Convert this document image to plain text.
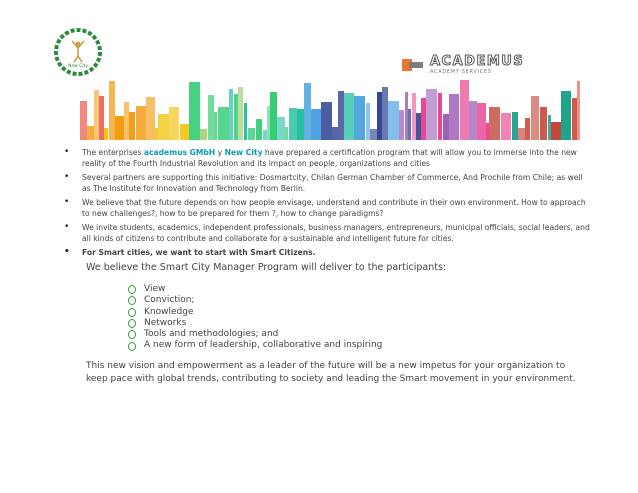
New City	ACADEMUS
ACADEMY SERVICES
• The enterprises academus GMbH y New City have prepared a certification program that will allow you to immerse into the new reality of the Fourth Industrial Revolution and its impact on people, organizations and cities
• Several partners are supporting this initiative: Dosmartcity, Chilan German Chamber of Commerce, And Prochile from Chile; as well as The Institute for Innovation and Technology from Berlin.
• We believe that the future depends on how people envisage, understand and contribute in their own environment. How to approach to new challenges?, how to be prepared for them ?, how to change paradigms?
• We invite students, academics, independent professionals, business managers, entrepreneurs, municipal officials, social leaders, and all kinds of citizens to contribute and collaborate for a sustainable and intelligent future for cities.
• For Smart cities, we want to start with Smart Citizens.
We believe the Smart City Manager Program will deliver to the participants:
View
Conviction;
Knowledge
Networks
Tools and methodologies; and
A new form of leadership, collaborative and inspiring
This new vision and empowerment as a leader of the future will be a new impetus for your organization to keep pace with global trends, contributing to society and leading the Smart movement in your environment.
